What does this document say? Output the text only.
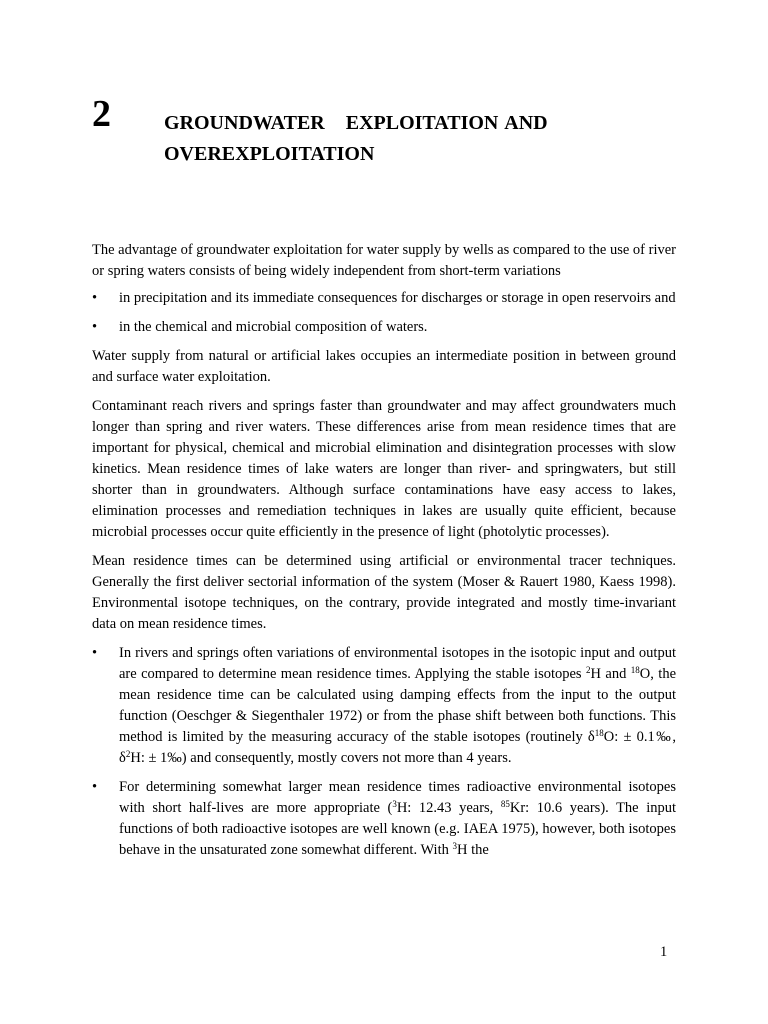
2	GROUNDWATER   EXPLOITATION AND
OVEREXPLOITATION

The advantage of groundwater exploitation for water supply by wells as compared to the use of river or spring waters consists of being widely independent from short-term variations

• in precipitation and its immediate consequences for discharges or storage in open reservoirs and
• in the chemical and microbial composition of waters.

Water supply from natural or artificial lakes occupies an intermediate position in between ground and surface water exploitation.

Contaminant reach rivers and springs faster than groundwater and may affect groundwaters much longer than spring and river waters. These differences arise from mean residence times that are important for physical, chemical and microbial elimination and disintegration processes with slow kinetics. Mean residence times of lake waters are longer than river- and springwaters, but still shorter than in groundwaters. Although surface contaminations have easy access to lakes, elimination processes and remediation techniques in lakes are usually quite efficient, because microbial processes occur quite efficiently in the presence of light (photolytic processes).

Mean residence times can be determined using artificial or environmental tracer techniques. Generally the first deliver sectorial information of the system (Moser & Rauert 1980, Kaess 1998). Environmental isotope techniques, on the contrary, provide integrated and mostly time-invariant data on mean residence times.

• In rivers and springs often variations of environmental isotopes in the isotopic input and output are compared to determine mean residence times. Applying the stable isotopes $^2$H and $^{18}$O, the mean residence time can be calculated using damping effects from the input to the output function (Oeschger & Siegenthaler 1972) or from the phase shift between both functions. This method is limited by the measuring accuracy of the stable isotopes (routinely $\delta^{18}O$: ± 0.1‰, $\delta^2H$: ± 1‰) and consequently, mostly covers not more than 4 years.
• For determining somewhat larger mean residence times radioactive environmental isotopes with short half-lives are more appropriate ($^3$H: 12.43 years, $^{85}$Kr: 10.6 years). The input functions of both radioactive isotopes are well known (e.g. IAEA 1975), however, both isotopes behave in the unsaturated zone somewhat different. With $^3$H the
1
